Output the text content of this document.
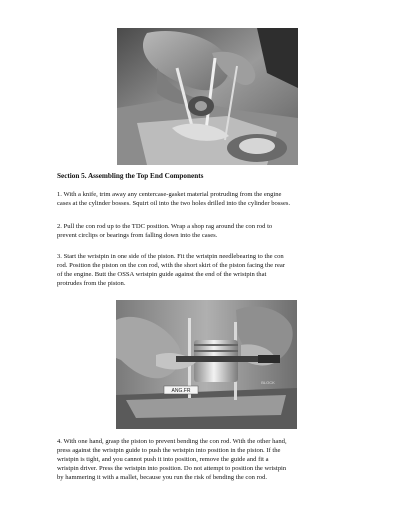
Section 5. Assembling the Top End Components
1. With a knife, trim away any centercase-gasket material protruding from the engine
cases at the cylinder bosses. Squirt oil into the two holes drilled into the cylinder bosses.
2. Pull the con rod up to the TDC position. Wrap a shop rag around the con rod to
prevent circlips or bearings from falling down into the cases.
3. Start the wristpin in one side of the piston. Fit the wristpin needlebearing to the con
rod. Position the piston on the con rod, with the short skirt of the piston facing the rear
of the engine. Butt the OSSA wristpin guide against the end of the wristpin that
protrudes from the piston.
ANG.FR
BLOCK
4. With one hand, grasp the piston to prevent bending the con rod. With the other hand,
press against the wristpin guide to push the wristpin into position in the piston. If the
wristpin is tight, and you cannot push it into position, remove the guide and fit a
wristpin driver. Press the wristpin into position. Do not attempt to position the wristpin
by hammering it with a mallet, because you run the risk of bending the con rod.
